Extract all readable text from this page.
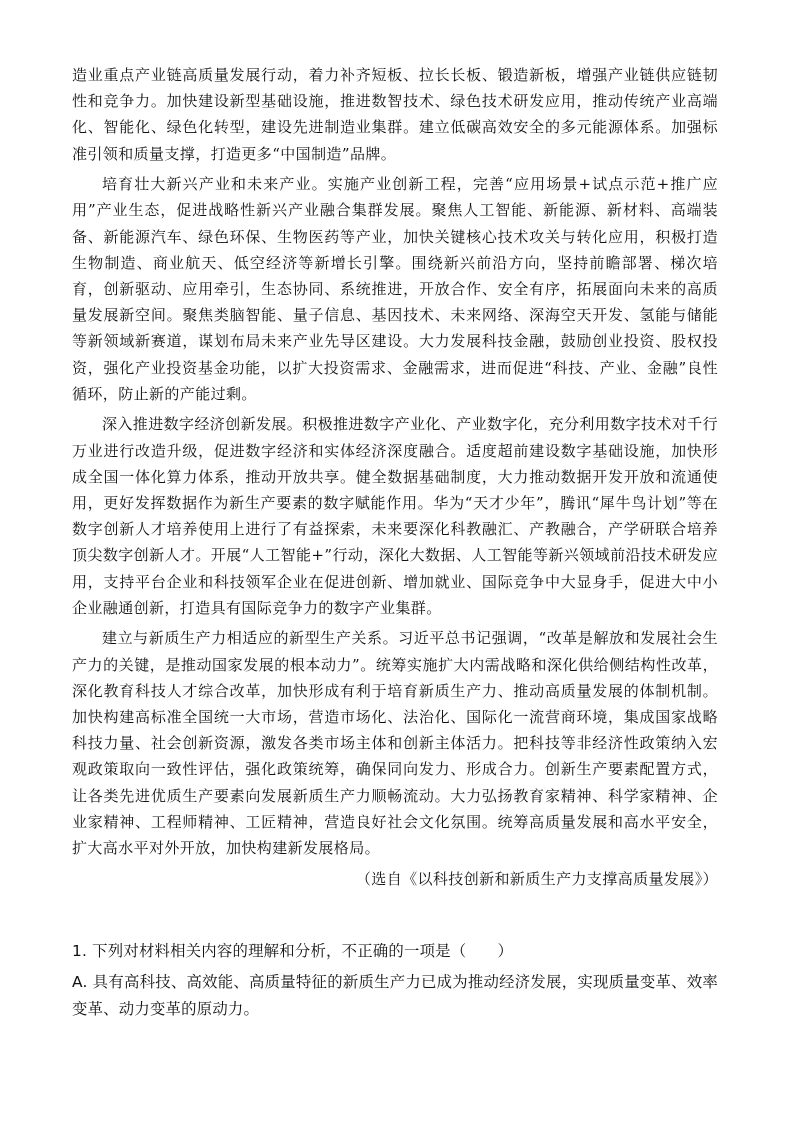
造业重点产业链高质量发展行动，着力补齐短板、拉长长板、锻造新板，增强产业链供应链韧性和竞争力。加快建设新型基础设施，推进数智技术、绿色技术研发应用，推动传统产业高端化、智能化、绿色化转型，建设先进制造业集群。建立低碳高效安全的多元能源体系。加强标准引领和质量支撑，打造更多“中国制造”品牌。

培育壮大新兴产业和未来产业。实施产业创新工程，完善“应用场景+试点示范+推广应用”产业生态，促进战略性新兴产业融合集群发展。聚焦人工智能、新能源、新材料、高端装备、新能源汽车、绿色环保、生物医药等产业，加快关键核心技术攻关与转化应用，积极打造生物制造、商业航天、低空经济等新增长引擎。围绕新兴前沿方向，坚持前瞻部署、梯次培育，创新驱动、应用牵引，生态协同、系统推进，开放合作、安全有序，拓展面向未来的高质量发展新空间。聚焦类脑智能、量子信息、基因技术、未来网络、深海空天开发、氢能与储能等新领域新赛道，谋划布局未来产业先导区建设。大力发展科技金融，鼓励创业投资、股权投资，强化产业投资基金功能，以扩大投资需求、金融需求，进而促进“科技、产业、金融”良性循环，防止新的产能过剩。

深入推进数字经济创新发展。积极推进数字产业化、产业数字化，充分利用数字技术对千行万业进行改造升级，促进数字经济和实体经济深度融合。适度超前建设数字基础设施，加快形成全国一体化算力体系，推动开放共享。健全数据基础制度，大力推动数据开发开放和流通使用，更好发挥数据作为新生产要素的数字赋能作用。华为“天才少年”，腾讯“犀牛鸟计划”等在数字创新人才培养使用上进行了有益探索，未来要深化科教融汇、产教融合，产学研联合培养顶尖数字创新人才。开展“人工智能+”行动，深化大数据、人工智能等新兴领域前沿技术研发应用，支持平台企业和科技领军企业在促进创新、增加就业、国际竞争中大显身手，促进大中小企业融通创新，打造具有国际竞争力的数字产业集群。

建立与新质生产力相适应的新型生产关系。习近平总书记强调，“改革是解放和发展社会生产力的关键，是推动国家发展的根本动力”。统筹实施扩大内需战略和深化供给侧结构性改革，深化教育科技人才综合改革，加快形成有利于培育新质生产力、推动高质量发展的体制机制。加快构建高标准全国统一大市场，营造市场化、法治化、国际化一流营商环境，集成国家战略科技力量、社会创新资源，激发各类市场主体和创新主体活力。把科技等非经济性政策纳入宏观政策取向一致性评估，强化政策统筹，确保同向发力、形成合力。创新生产要素配置方式，让各类先进优质生产要素向发展新质生产力顺畅流动。大力弘扬教育家精神、科学家精神、企业家精神、工程师精神、工匠精神，营造良好社会文化氛围。统筹高质量发展和高水平安全，扩大高水平对外开放，加快构建新发展格局。

（选自《以科技创新和新质生产力支撑高质量发展》）

1. 下列对材料相关内容的理解和分析，不正确的一项是（　　）

A. 具有高科技、高效能、高质量特征的新质生产力已成为推动经济发展，实现质量变革、效率变革、动力变革的原动力。
